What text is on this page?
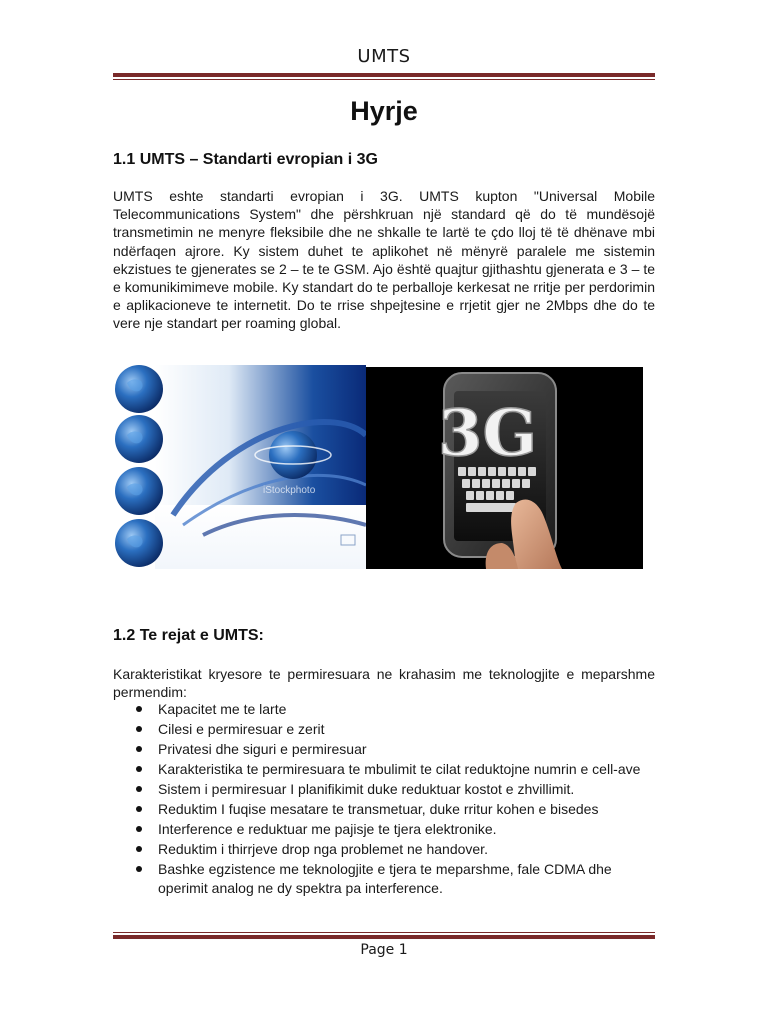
UMTS
Hyrje
1.1 UMTS – Standarti evropian i 3G
UMTS eshte standarti evropian i 3G. UMTS kupton "Universal Mobile Telecommunications System" dhe përshkruan një standard që do të mundësojë transmetimin ne menyre fleksibile dhe ne shkalle te lartë te çdo lloj të të dhënave mbi ndërfaqen ajrore. Ky sistem duhet te aplikohet në mënyrë paralele me sistemin ekzistues te gjenerates se 2 – te te GSM. Ajo është quajtur gjithashtu gjenerata e 3 – te e komunikimimeve mobile. Ky standart do te perballoje kerkesat ne rritje per perdorimin e aplikacioneve te internetit. Do te rrise shpejtesine e rrjetit gjer ne 2Mbps dhe do te vere nje standart per roaming global.
iStockphoto
3G
1.2 Te rejat e UMTS:
Karakteristikat kryesore te permiresuara ne krahasim me teknologjite e meparshme permendim:
Kapacitet me te larte
Cilesi e permiresuar e zerit
Privatesi dhe siguri e permiresuar
Karakteristika te permiresuara te mbulimit te cilat reduktojne numrin e cell-ave
Sistem i permiresuar I planifikimit duke reduktuar kostot e zhvillimit.
Reduktim I fuqise mesatare te transmetuar, duke rritur kohen e bisedes
Interference e reduktuar me pajisje te tjera elektronike.
Reduktim i thirrjeve drop nga problemet ne handover.
Bashke egzistence me teknologjite e tjera te meparshme, fale CDMA dhe operimit analog ne dy spektra pa interference.
Page 1
